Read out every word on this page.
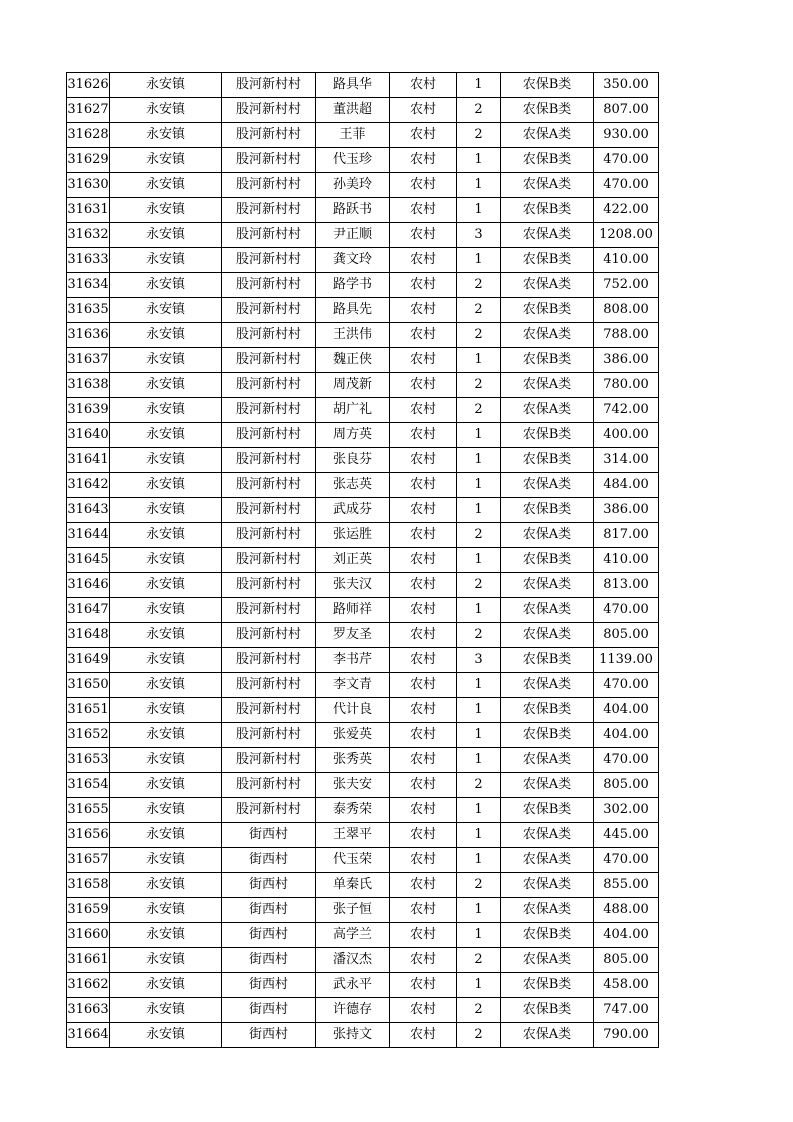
31626	永安镇	股河新村村	路具华	农村	1	农保B类	350.00
31627	永安镇	股河新村村	董洪超	农村	2	农保B类	807.00
31628	永安镇	股河新村村	王菲	农村	2	农保A类	930.00
31629	永安镇	股河新村村	代玉珍	农村	1	农保B类	470.00
31630	永安镇	股河新村村	孙美玲	农村	1	农保A类	470.00
31631	永安镇	股河新村村	路跃书	农村	1	农保B类	422.00
31632	永安镇	股河新村村	尹正顺	农村	3	农保A类	1208.00
31633	永安镇	股河新村村	龚文玲	农村	1	农保B类	410.00
31634	永安镇	股河新村村	路学书	农村	2	农保A类	752.00
31635	永安镇	股河新村村	路具先	农村	2	农保B类	808.00
31636	永安镇	股河新村村	王洪伟	农村	2	农保A类	788.00
31637	永安镇	股河新村村	魏正侠	农村	1	农保B类	386.00
31638	永安镇	股河新村村	周茂新	农村	2	农保A类	780.00
31639	永安镇	股河新村村	胡广礼	农村	2	农保A类	742.00
31640	永安镇	股河新村村	周方英	农村	1	农保B类	400.00
31641	永安镇	股河新村村	张良芬	农村	1	农保B类	314.00
31642	永安镇	股河新村村	张志英	农村	1	农保A类	484.00
31643	永安镇	股河新村村	武成芬	农村	1	农保B类	386.00
31644	永安镇	股河新村村	张运胜	农村	2	农保A类	817.00
31645	永安镇	股河新村村	刘正英	农村	1	农保B类	410.00
31646	永安镇	股河新村村	张夫汉	农村	2	农保A类	813.00
31647	永安镇	股河新村村	路师祥	农村	1	农保A类	470.00
31648	永安镇	股河新村村	罗友圣	农村	2	农保A类	805.00
31649	永安镇	股河新村村	李书芹	农村	3	农保B类	1139.00
31650	永安镇	股河新村村	李文青	农村	1	农保A类	470.00
31651	永安镇	股河新村村	代计良	农村	1	农保B类	404.00
31652	永安镇	股河新村村	张爱英	农村	1	农保B类	404.00
31653	永安镇	股河新村村	张秀英	农村	1	农保A类	470.00
31654	永安镇	股河新村村	张夫安	农村	2	农保A类	805.00
31655	永安镇	股河新村村	泰秀荣	农村	1	农保B类	302.00
31656	永安镇	街西村	王翠平	农村	1	农保A类	445.00
31657	永安镇	街西村	代玉荣	农村	1	农保A类	470.00
31658	永安镇	街西村	单秦氏	农村	2	农保A类	855.00
31659	永安镇	街西村	张子恒	农村	1	农保A类	488.00
31660	永安镇	街西村	高学兰	农村	1	农保B类	404.00
31661	永安镇	街西村	潘汉杰	农村	2	农保A类	805.00
31662	永安镇	街西村	武永平	农村	1	农保B类	458.00
31663	永安镇	街西村	许德存	农村	2	农保B类	747.00
31664	永安镇	街西村	张持文	农村	2	农保A类	790.00
